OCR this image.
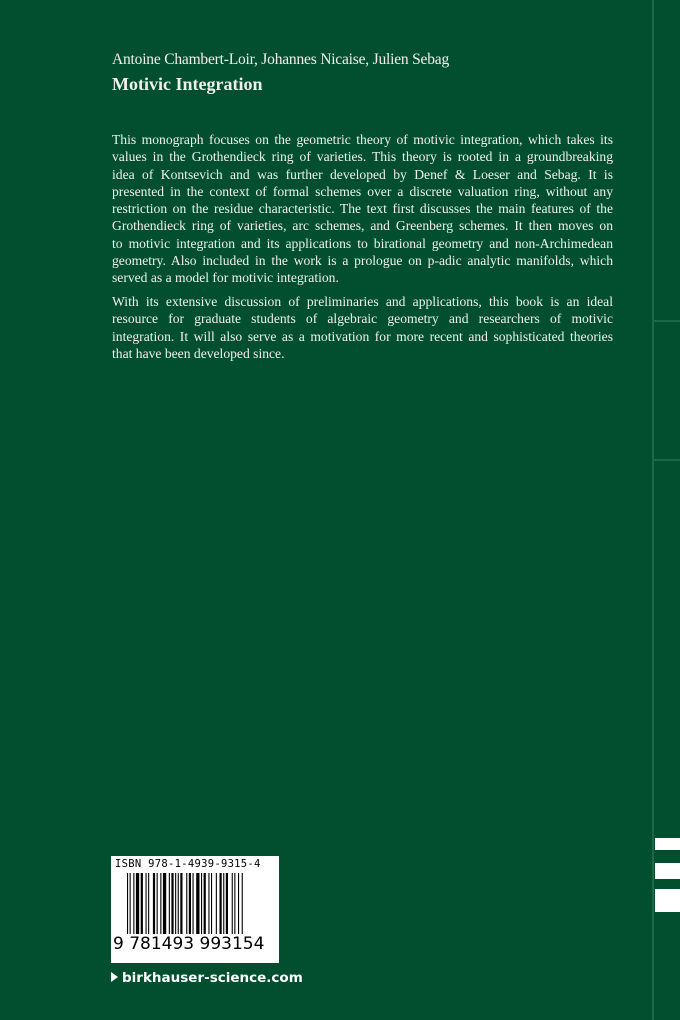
Antoine Chambert-Loir, Johannes Nicaise, Julien Sebag
Motivic Integration
This monograph focuses on the geometric theory of motivic integration, which takes its
values in the Grothendieck ring of varieties. This theory is rooted in a groundbreaking
idea of Kontsevich and was further developed by Denef & Loeser and Sebag. It is
presented in the context of formal schemes over a discrete valuation ring, without any
restriction on the residue characteristic. The text first discusses the main features of the
Grothendieck ring of varieties, arc schemes, and Greenberg schemes. It then moves on
to motivic integration and its applications to birational geometry and non-Archimedean
geometry. Also included in the work is a prologue on p-adic analytic manifolds, which
served as a model for motivic integration.
With its extensive discussion of preliminaries and applications, this book is an ideal
resource for graduate students of algebraic geometry and researchers of motivic
integration. It will also serve as a motivation for more recent and sophisticated theories
that have been developed since.
ISBN 978-1-4939-9315-4
9 781493 993154
birkhauser-science.com
